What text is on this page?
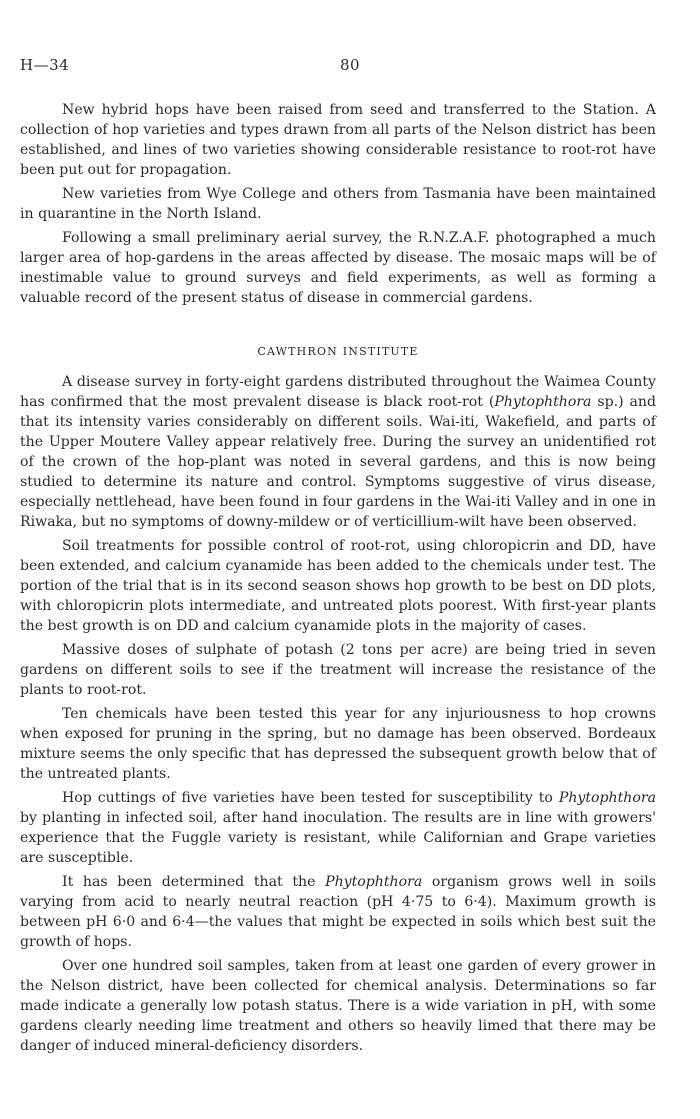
H—34	80

New hybrid hops have been raised from seed and transferred to the Station. A collection of hop varieties and types drawn from all parts of the Nelson district has been established, and lines of two varieties showing considerable resistance to root-rot have been put out for propagation.

New varieties from Wye College and others from Tasmania have been maintained in quarantine in the North Island.

Following a small preliminary aerial survey, the R.N.Z.A.F. photographed a much larger area of hop-gardens in the areas affected by disease. The mosaic maps will be of inestimable value to ground surveys and field experiments, as well as forming a valuable record of the present status of disease in commercial gardens.

CAWTHRON INSTITUTE

A disease survey in forty-eight gardens distributed throughout the Waimea County has confirmed that the most prevalent disease is black root-rot (Phytophthora sp.) and that its intensity varies considerably on different soils. Wai-iti, Wakefield, and parts of the Upper Moutere Valley appear relatively free. During the survey an unidentified rot of the crown of the hop-plant was noted in several gardens, and this is now being studied to determine its nature and control. Symptoms suggestive of virus disease, especially nettlehead, have been found in four gardens in the Wai-iti Valley and in one in Riwaka, but no symptoms of downy-mildew or of verticillium-wilt have been observed.

Soil treatments for possible control of root-rot, using chloropicrin and DD, have been extended, and calcium cyanamide has been added to the chemicals under test. The portion of the trial that is in its second season shows hop growth to be best on DD plots, with chloropicrin plots intermediate, and untreated plots poorest. With first-year plants the best growth is on DD and calcium cyanamide plots in the majority of cases.

Massive doses of sulphate of potash (2 tons per acre) are being tried in seven gardens on different soils to see if the treatment will increase the resistance of the plants to root-rot.

Ten chemicals have been tested this year for any injuriousness to hop crowns when exposed for pruning in the spring, but no damage has been observed. Bordeaux mixture seems the only specific that has depressed the subsequent growth below that of the untreated plants.

Hop cuttings of five varieties have been tested for susceptibility to Phytophthora by planting in infected soil, after hand inoculation. The results are in line with growers' experience that the Fuggle variety is resistant, while Californian and Grape varieties are susceptible.

It has been determined that the Phytophthora organism grows well in soils varying from acid to nearly neutral reaction (pH 4·75 to 6·4). Maximum growth is between pH 6·0 and 6·4—the values that might be expected in soils which best suit the growth of hops.

Over one hundred soil samples, taken from at least one garden of every grower in the Nelson district, have been collected for chemical analysis. Determinations so far made indicate a generally low potash status. There is a wide variation in pH, with some gardens clearly needing lime treatment and others so heavily limed that there may be danger of induced mineral-deficiency disorders.
